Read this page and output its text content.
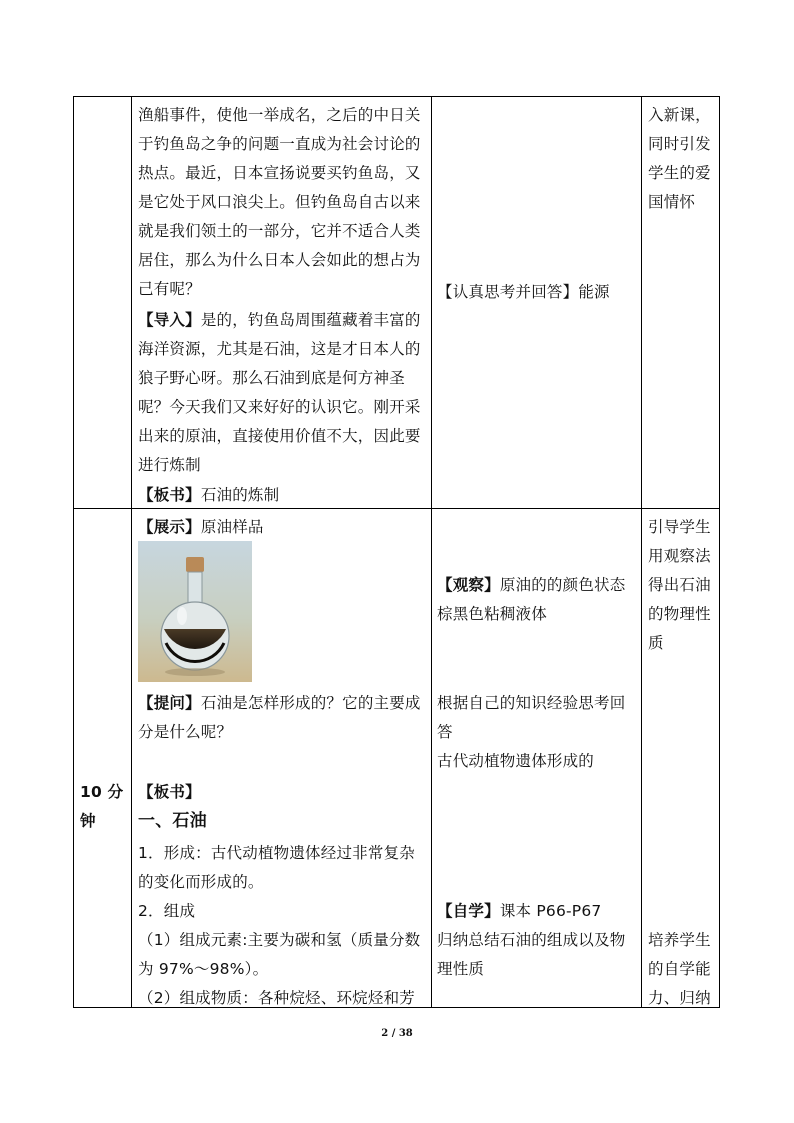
渔船事件，使他一举成名，之后的中日关
于钓鱼岛之争的问题一直成为社会讨论的
热点。最近，日本宣扬说要买钓鱼岛，又
是它处于风口浪尖上。但钓鱼岛自古以来
就是我们领土的一部分，它并不适合人类
居住，那么为什么日本人会如此的想占为
己有呢？
【导入】是的，钓鱼岛周围蕴藏着丰富的
海洋资源，尤其是石油，这是才日本人的
狼子野心呀。那么石油到底是何方神圣
呢？今天我们又来好好的认识它。刚开采
出来的原油，直接使用价值不大，因此要
进行炼制
【板书】石油的炼制
【认真思考并回答】能源
入新课，
同时引发
学生的爱
国情怀
10 分
钟
【展示】原油样品
【提问】石油是怎样形成的？它的主要成
分是什么呢？
【板书】
一、石油
1．形成：古代动植物遗体经过非常复杂
的变化而形成的。
2．组成
（1）组成元素:主要为碳和氢（质量分数
为 97%～98%）。
（2）组成物质：各种烷烃、环烷烃和芳
【观察】原油的的颜色状态
棕黑色粘稠液体
根据自己的知识经验思考回
答
古代动植物遗体形成的
【自学】课本 P66-P67
归纳总结石油的组成以及物
理性质
引导学生
用观察法
得出石油
的物理性
质
培养学生
的自学能
力、归纳
2 / 38
